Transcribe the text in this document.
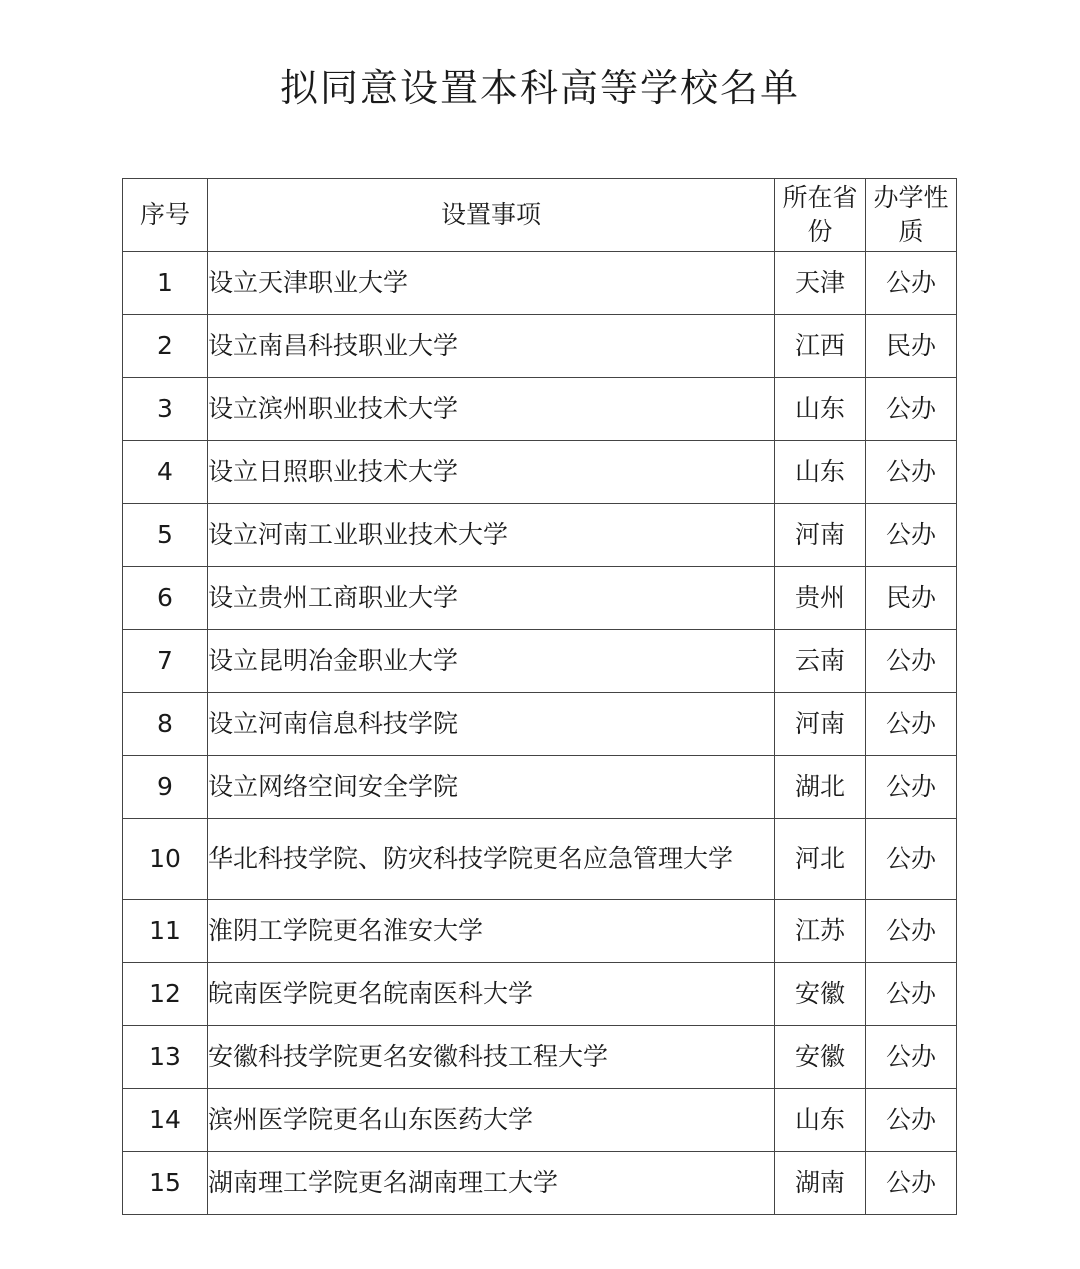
拟同意设置本科高等学校名单
序号	设置事项	所在省份	办学性质
1	设立天津职业大学	天津	公办
2	设立南昌科技职业大学	江西	民办
3	设立滨州职业技术大学	山东	公办
4	设立日照职业技术大学	山东	公办
5	设立河南工业职业技术大学	河南	公办
6	设立贵州工商职业大学	贵州	民办
7	设立昆明冶金职业大学	云南	公办
8	设立河南信息科技学院	河南	公办
9	设立网络空间安全学院	湖北	公办
10	华北科技学院、防灾科技学院更名应急管理大学	河北	公办
11	淮阴工学院更名淮安大学	江苏	公办
12	皖南医学院更名皖南医科大学	安徽	公办
13	安徽科技学院更名安徽科技工程大学	安徽	公办
14	滨州医学院更名山东医药大学	山东	公办
15	湖南理工学院更名湖南理工大学	湖南	公办
